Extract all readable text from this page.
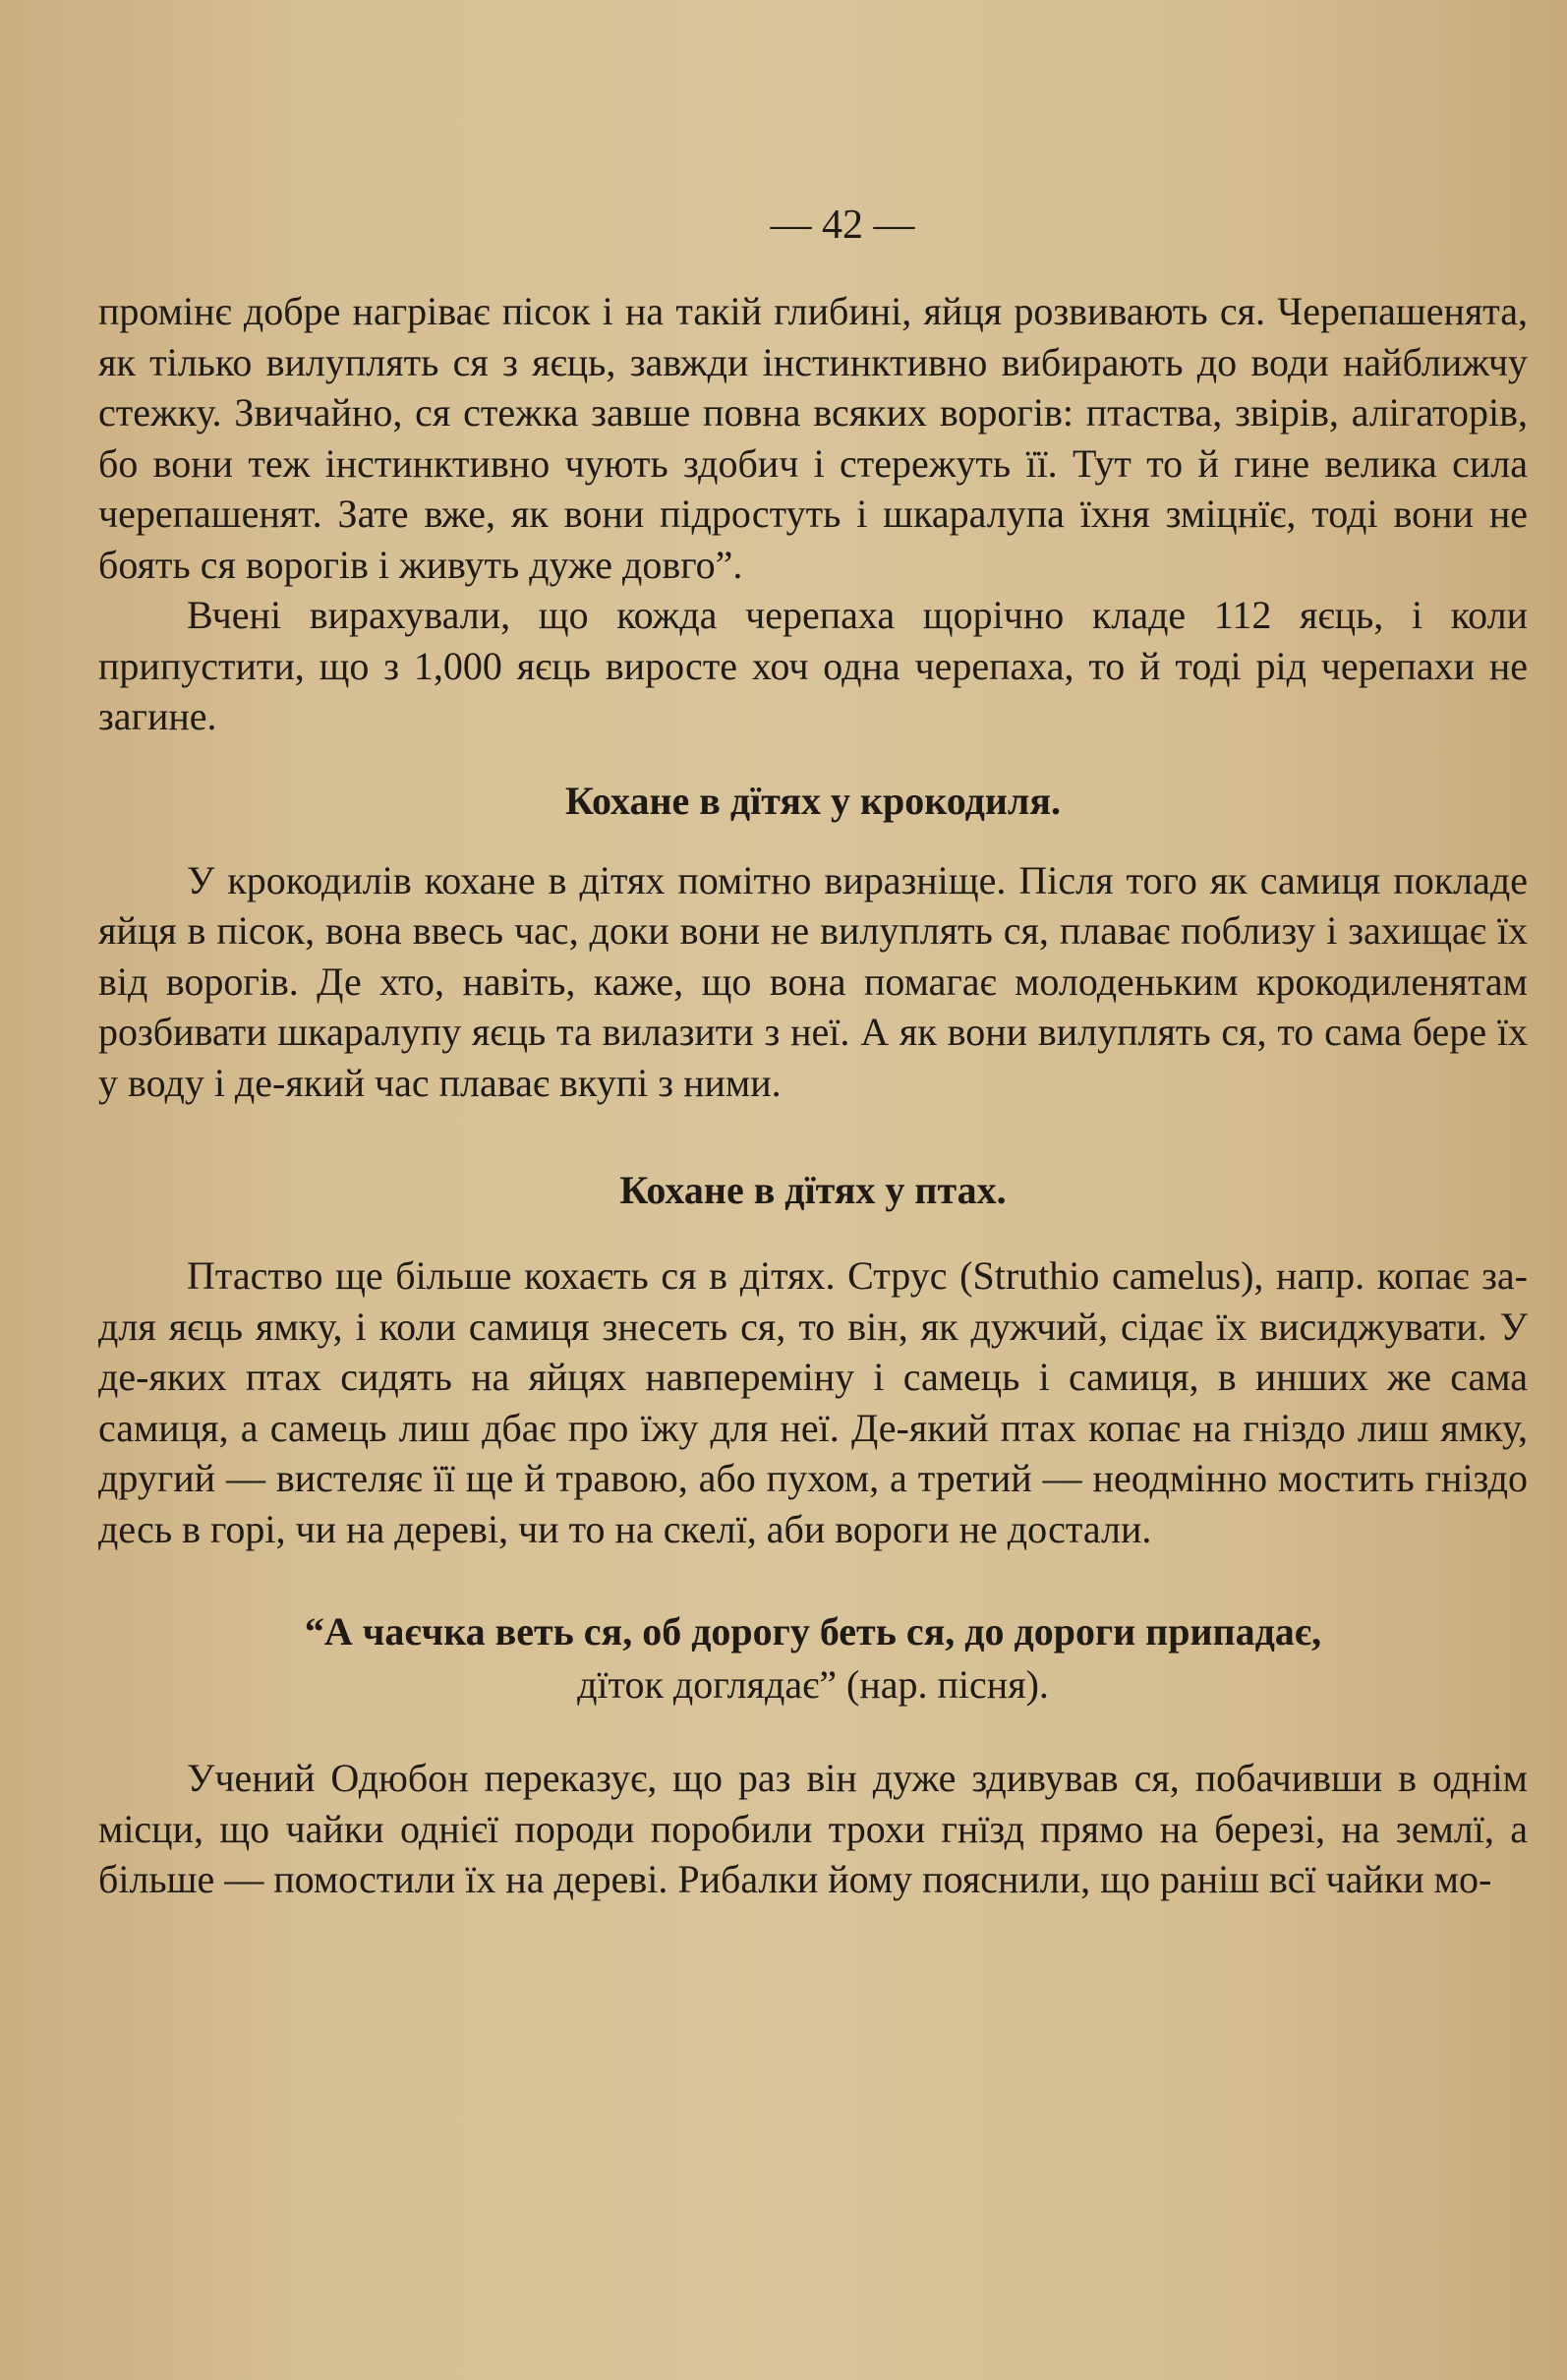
— 42 —

промінє добре нагріває пісок і на такій глибині, яйця розвивають ся. Черепашенята, як тілько вилуплять ся з яєць, завжди інстинктивно вибирають до води найближчу стежку. Звичайно, ся стежка завше повна всяких ворогів: птаства, звірів, алігаторів, бо вони теж інстинктивно чують здобич і стережуть її. Тут то й гине велика сила черепашенят. Зате вже, як вони підростуть і шкаралупа їхня зміцнїє, тоді вони не боять ся ворогів і живуть дуже довго”.

Вчені вирахували, що кожда черепаха щорічно кладе 112 яєць, і коли припустити, що з 1,000 яєць виросте хоч одна черепаха, то й тоді рід черепахи не загине.

Кохане в дїтях у крокодиля.

У крокодилів кохане в дітях помітно виразніще. Після того як самиця покладе яйця в пісок, вона ввесь час, доки вони не вилуплять ся, плаває поблизу і захищає їх від ворогів. Де хто, навіть, каже, що вона помагає молоденьким крокодиленятам розбивати шкаралупу яєць та вилазити з неї. А як вони вилуплять ся, то сама бере їх у воду і де-який час плаває вкупі з ними.

Кохане в дїтях у птах.

Птаство ще більше кохаєть ся в дітях. Струс (Struthio camelus), напр. копає за-для яєць ямку, і коли самиця знесеть ся, то він, як дужчий, сідає їх висиджувати. У де-яких птах сидять на яйцях навпереміну і самець і самиця, в инших же сама самиця, а самець лиш дбає про їжу для неї. Де-який птах копає на гніздо лиш ямку, другий — вистеляє її ще й травою, або пухом, а третий — неодмінно мостить гніздо десь в горі, чи на дереві, чи то на скелї, аби вороги не достали.

“А чаєчка веть ся, об дорогу беть ся, до дороги припадає,
дїток доглядає” (нар. пісня).

Учений Одюбон переказує, що раз він дуже здивував ся, побачивши в однім місци, що чайки однієї породи поробили трохи гнїзд прямо на березі, на землї, а більше — помостили їх на дереві. Рибалки йому пояснили, що раніш всї чайки мо-
